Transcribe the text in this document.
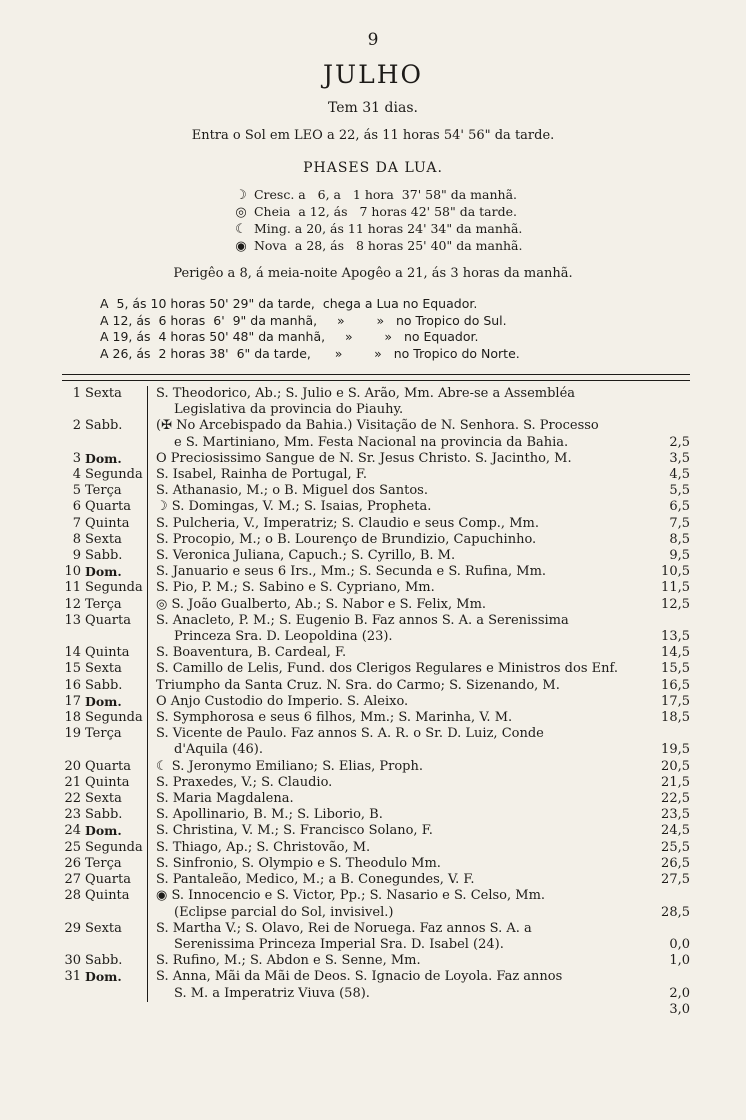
9
JULHO
Tem 31 dias.
Entra o Sol em LEO a 22, ás 11 horas 54' 56" da tarde.
PHASES DA LUA.
☽ Cresc. a   6, a   1 hora  37' 58" da manhã.
◎ Cheia  a 12, ás   7 horas 42' 58" da tarde.
☾ Ming. a 20, ás 11 horas 24' 34" da manhã.
◉ Nova  a 28, ás   8 horas 25' 40" da manhã.
Perigêo a 8, á meia-noite Apogêo a 21, ás 3 horas da manhã.
A  5, ás 10 horas 50' 29" da tarde,  chega a Lua no Equador.
A 12, ás  6 horas  6'  9" da manhã,     »        »   no Tropico do Sul.
A 19, ás  4 horas 50' 48" da manhã,     »        »   no Equador.
A 26, ás  2 horas 38'  6" da tarde,      »        »   no Tropico do Norte.
1 Sexta	S. Theodorico, Ab.; S. Julio e S. Arão, Mm. Abre-se a Assembléa

Legislativa da provincia do Piauhy.

2 Sabb.	(✠ No Arcebispado da Bahia.) Visitação de N. Senhora. S. Processo

e S. Martiniano, Mm. Festa Nacional na provincia da Bahia.	2,5
3 Dom.	O Preciosissimo Sangue de N. Sr. Jesus Christo. S. Jacintho, M.	3,5
4 Segunda	S. Isabel, Rainha de Portugal, F.	4,5
5 Terça	S. Athanasio, M.; o B. Miguel dos Santos.	5,5
6 Quarta	☽ S. Domingas, V. M.; S. Isaias, Propheta.	6,5
7 Quinta	S. Pulcheria, V., Imperatriz; S. Claudio e seus Comp., Mm.	7,5
8 Sexta	S. Procopio, M.; o B. Lourenço de Brundizio, Capuchinho.	8,5
9 Sabb.	S. Veronica Juliana, Capuch.; S. Cyrillo, B. M.	9,5
10 Dom.	S. Januario e seus 6 Irs., Mm.; S. Secunda e S. Rufina, Mm.	10,5
11 Segunda	S. Pio, P. M.; S. Sabino e S. Cypriano, Mm.	11,5
12 Terça	◎ S. João Gualberto, Ab.; S. Nabor e S. Felix, Mm.	12,5
13 Quarta	S. Anacleto, P. M.; S. Eugenio B. Faz annos S. A. a Serenissima

Princeza Sra. D. Leopoldina (23).	13,5
14 Quinta	S. Boaventura, B. Cardeal, F.	14,5
15 Sexta	S. Camillo de Lelis, Fund. dos Clerigos Regulares e Ministros dos Enf.	15,5
16 Sabb.	Triumpho da Santa Cruz. N. Sra. do Carmo; S. Sizenando, M.	16,5
17 Dom.	O Anjo Custodio do Imperio. S. Aleixo.	17,5
18 Segunda	S. Symphorosa e seus 6 filhos, Mm.; S. Marinha, V. M.	18,5
19 Terça	S. Vicente de Paulo. Faz annos S. A. R. o Sr. D. Luiz, Conde

d'Aquila (46).	19,5
20 Quarta	☾ S. Jeronymo Emiliano; S. Elias, Proph.	20,5
21 Quinta	S. Praxedes, V.; S. Claudio.	21,5
22 Sexta	S. Maria Magdalena.	22,5
23 Sabb.	S. Apollinario, B. M.; S. Liborio, B.	23,5
24 Dom.	S. Christina, V. M.; S. Francisco Solano, F.	24,5
25 Segunda	S. Thiago, Ap.; S. Christovão, M.	25,5
26 Terça	S. Sinfronio, S. Olympio e S. Theodulo Mm.	26,5
27 Quarta	S. Pantaleão, Medico, M.; a B. Conegundes, V. F.	27,5
28 Quinta	◉ S. Innocencio e S. Victor, Pp.; S. Nasario e S. Celso, Mm.

(Eclipse parcial do Sol, invisivel.)	28,5
29 Sexta	S. Martha V.; S. Olavo, Rei de Noruega. Faz annos S. A. a

Serenissima Princeza Imperial Sra. D. Isabel (24).	0,0
30 Sabb.	S. Rufino, M.; S. Abdon e S. Senne, Mm.	1,0
31 Dom.	S. Anna, Mãi da Mãi de Deos. S. Ignacio de Loyola. Faz annos

S. M. a Imperatriz Viuva (58).	2,0
3,0
